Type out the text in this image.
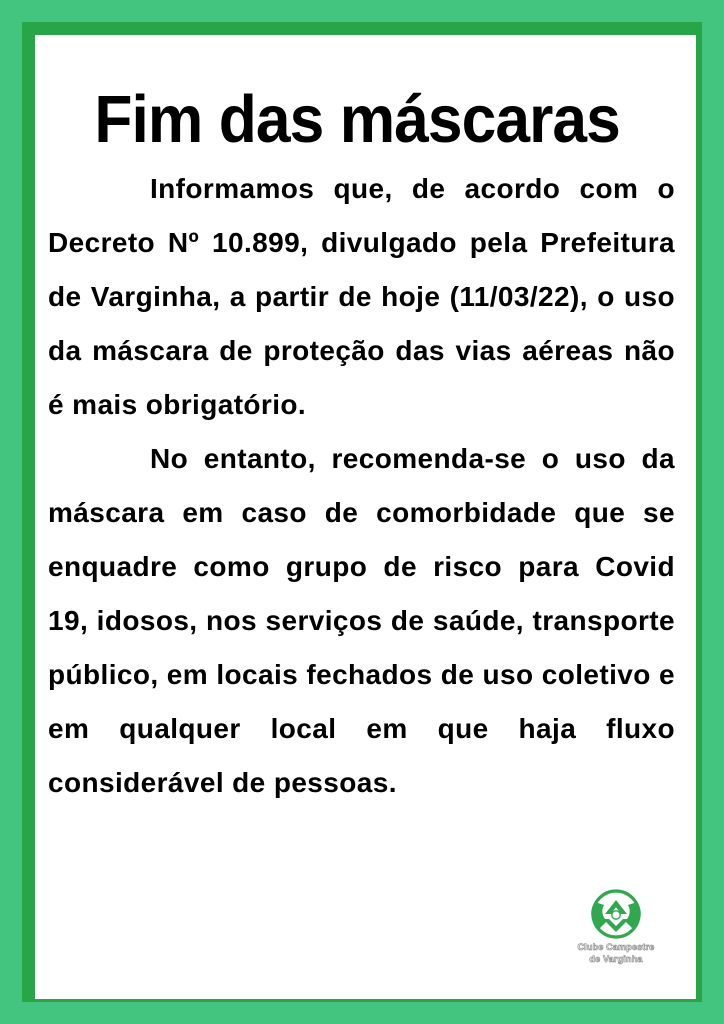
Fim das máscaras

Informamos que, de acordo com o Decreto Nº 10.899, divulgado pela Prefeitura de Varginha, a partir de hoje (11/03/22), o uso da máscara de proteção das vias aéreas não é mais obrigatório.

No entanto, recomenda-se o uso da máscara em caso de comorbidade que se enquadre como grupo de risco para Covid 19, idosos, nos serviços de saúde, transporte público, em locais fechados de uso coletivo e em qualquer local em que haja fluxo considerável de pessoas.

Clube Campestre
de Varginha
